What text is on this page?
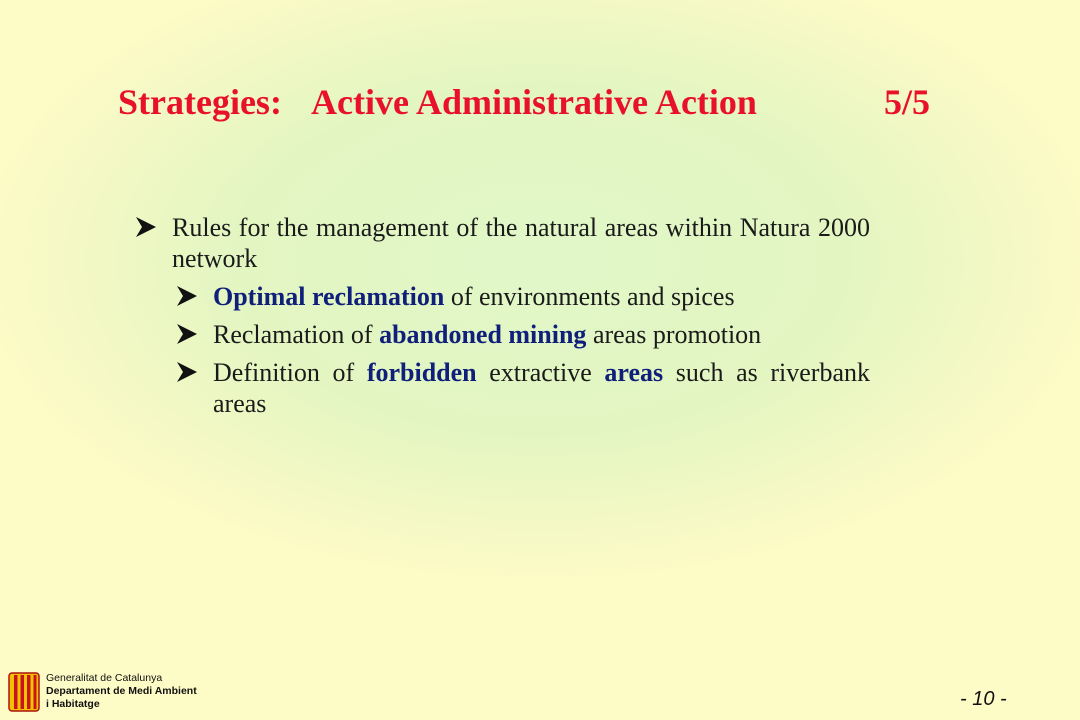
Strategies: Active Administrative Action	5/5
Rules for the management of the natural areas within Natura 2000 network
Optimal reclamation of environments and spices
Reclamation of abandoned mining areas promotion
Definition of forbidden extractive areas such as riverbank areas
Generalitat de Catalunya
Departament de Medi Ambient
i Habitatge	- 10 -
